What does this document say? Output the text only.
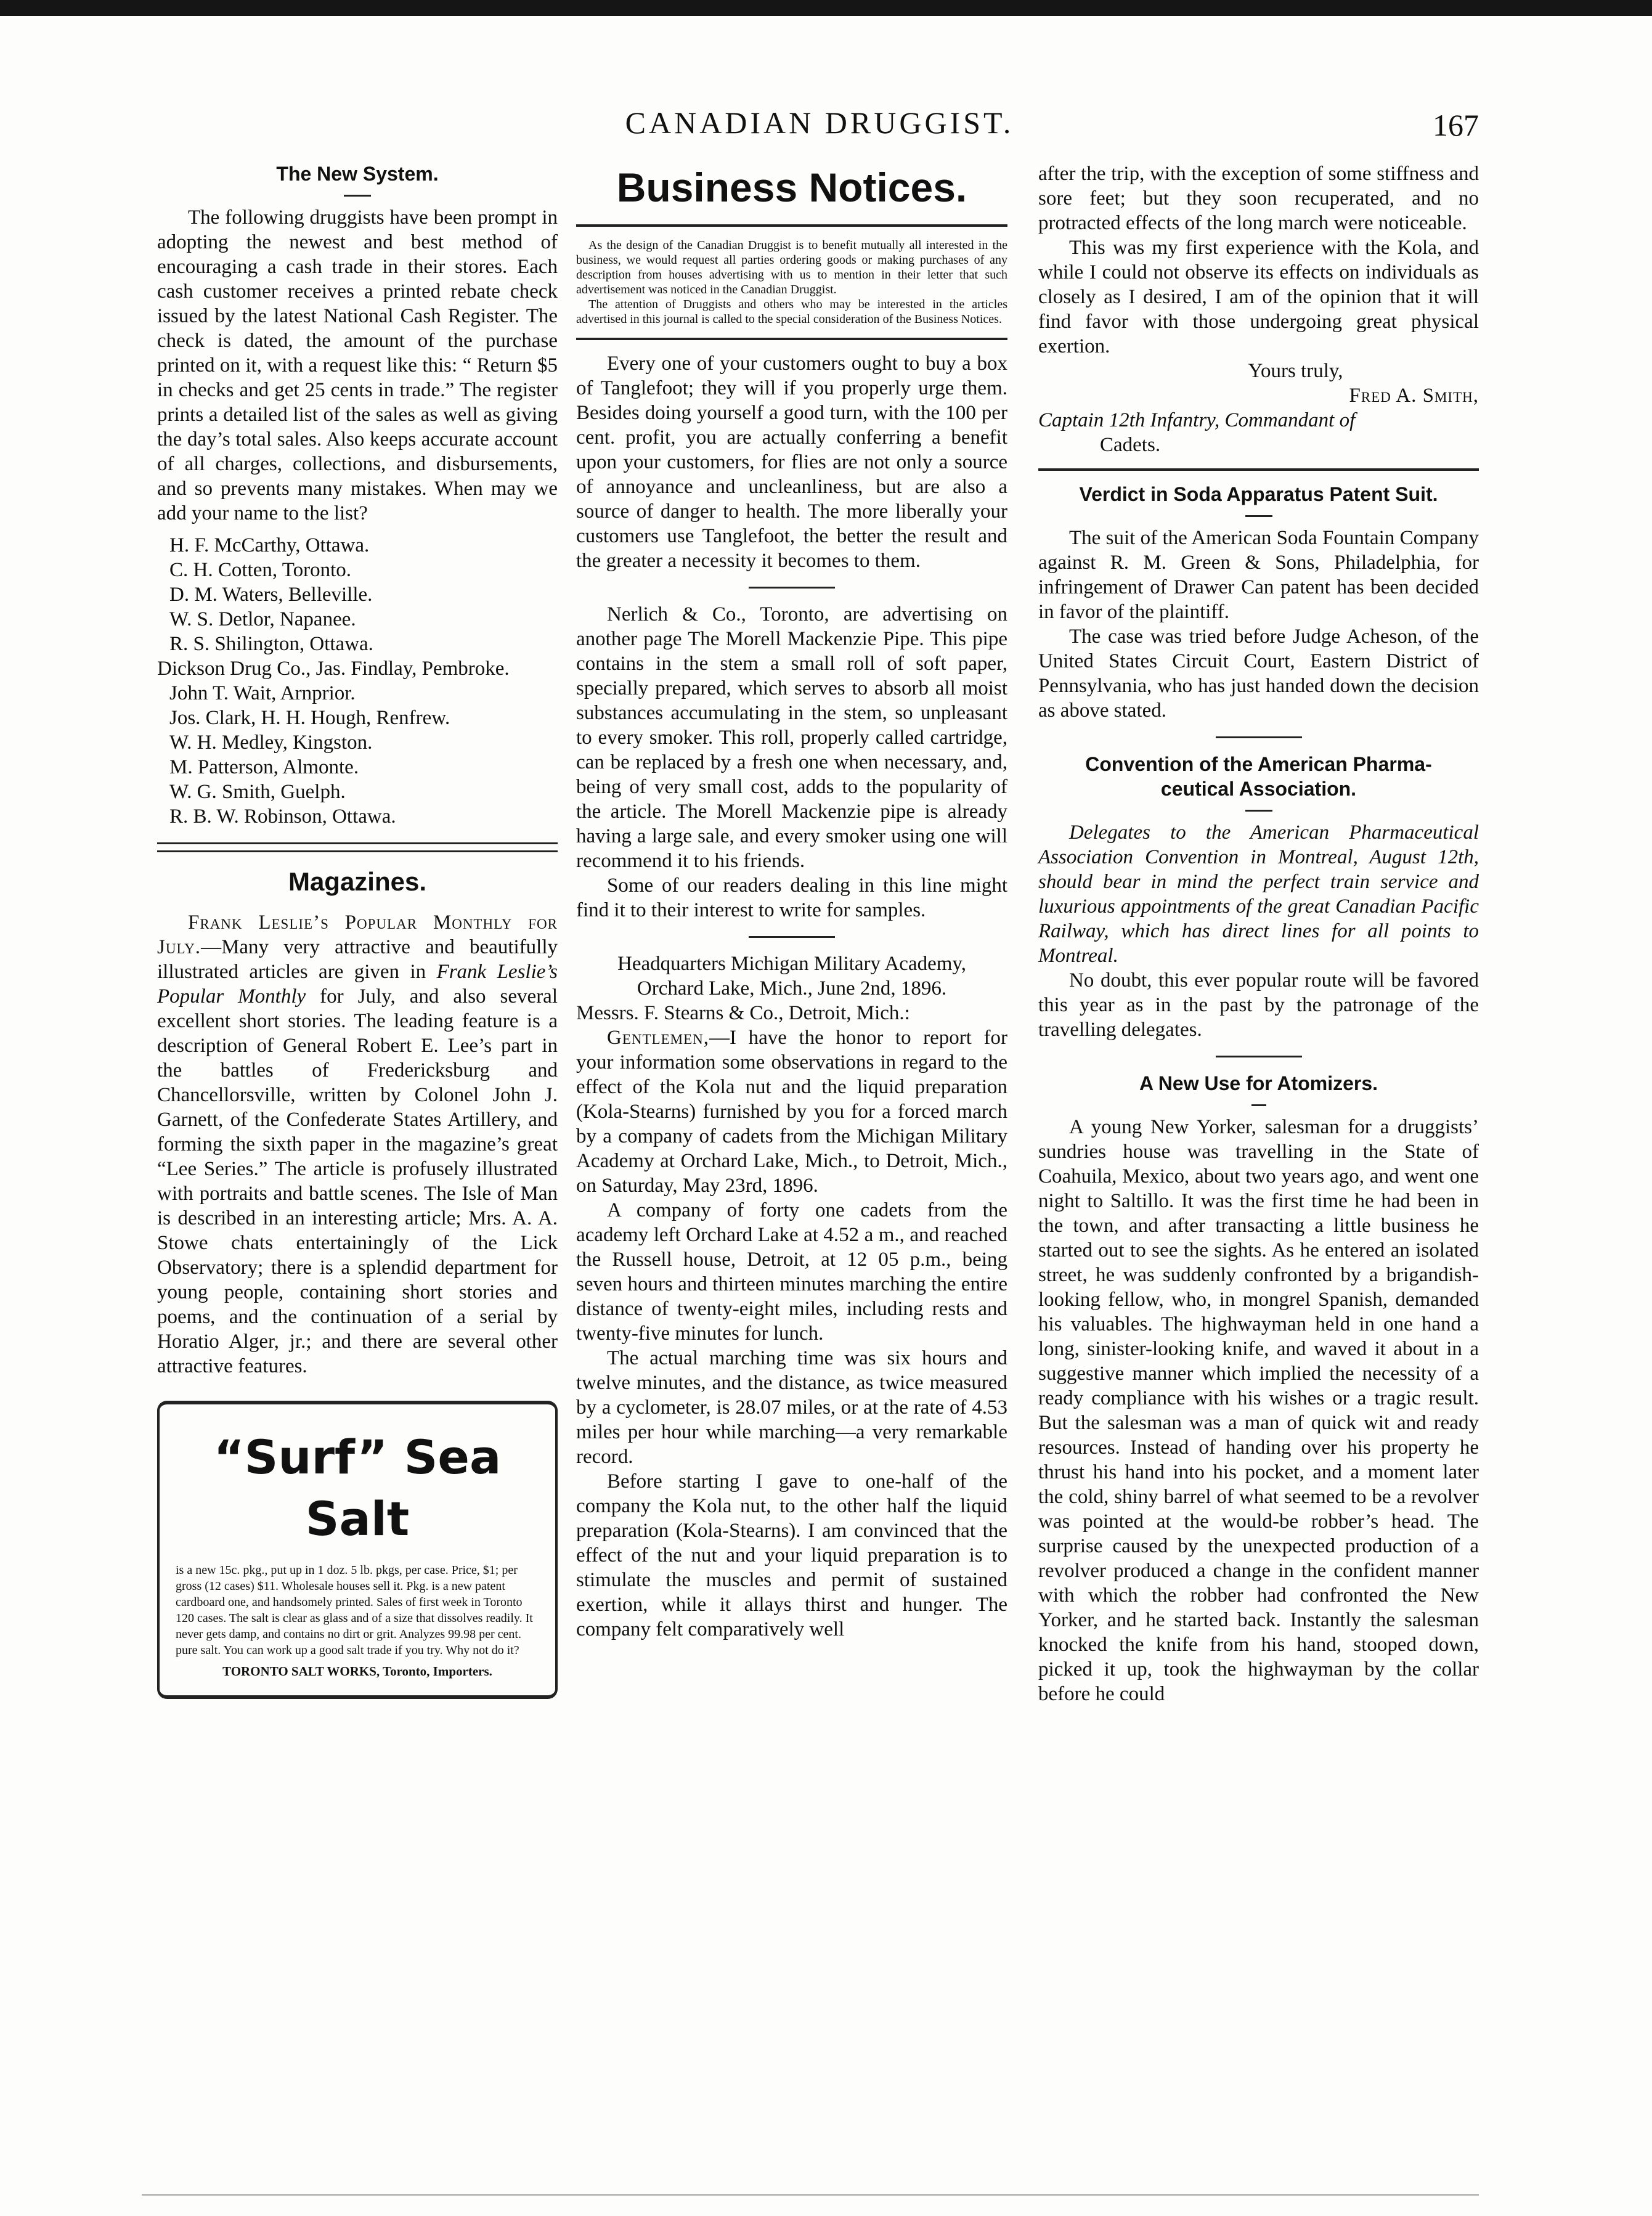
CANADIAN DRUGGIST.	167
The New System.

The following druggists have been prompt in adopting the newest and best method of encouraging a cash trade in their stores. Each cash customer receives a printed rebate check issued by the latest National Cash Register. The check is dated, the amount of the purchase printed on it, with a request like this: “ Return $5 in checks and get 25 cents in trade.” The register prints a detailed list of the sales as well as giving the day’s total sales. Also keeps accurate account of all charges, collections, and disbursements, and so prevents many mistakes. When may we add your name to the list?

H. F. McCarthy, Ottawa.
C. H. Cotten, Toronto.
D. M. Waters, Belleville.
W. S. Detlor, Napanee.
R. S. Shilington, Ottawa.
Dickson Drug Co., Jas. Findlay, Pembroke.
John T. Wait, Arnprior.
Jos. Clark, H. H. Hough, Renfrew.
W. H. Medley, Kingston.
M. Patterson, Almonte.
W. G. Smith, Guelph.
R. B. W. Robinson, Ottawa.
Magazines.

Frank Leslie’s Popular Monthly for July.—Many very attractive and beautifully illustrated articles are given in Frank Leslie’s Popular Monthly for July, and also several excellent short stories. The leading feature is a description of General Robert E. Lee’s part in the battles of Fredericksburg and Chancellorsville, written by Colonel John J. Garnett, of the Confederate States Artillery, and forming the sixth paper in the magazine’s great “Lee Series.” The article is profusely illustrated with portraits and battle scenes. The Isle of Man is described in an interesting article; Mrs. A. A. Stowe chats entertainingly of the Lick Observatory; there is a splendid department for young people, containing short stories and poems, and the continuation of a serial by Horatio Alger, jr.; and there are several other attractive features.

“Surf” Sea Salt

is a new 15c. pkg., put up in 1 doz. 5 lb. pkgs, per case. Price, $1; per gross (12 cases) $11. Wholesale houses sell it. Pkg. is a new patent cardboard one, and handsomely printed. Sales of first week in Toronto 120 cases. The salt is clear as glass and of a size that dissolves readily. It never gets damp, and contains no dirt or grit. Analyzes 99.98 per cent. pure salt. You can work up a good salt trade if you try. Why not do it?

TORONTO SALT WORKS, Toronto, Importers.

Business Notices.

As the design of the Canadian Druggist is to benefit mutually all interested in the business, we would request all parties ordering goods or making purchases of any description from houses advertising with us to mention in their letter that such advertisement was noticed in the Canadian Druggist.

The attention of Druggists and others who may be interested in the articles advertised in this journal is called to the special consideration of the Business Notices.

Every one of your customers ought to buy a box of Tanglefoot; they will if you properly urge them. Besides doing yourself a good turn, with the 100 per cent. profit, you are actually conferring a benefit upon your customers, for flies are not only a source of annoyance and uncleanliness, but are also a source of danger to health. The more liberally your customers use Tanglefoot, the better the result and the greater a necessity it becomes to them.

Nerlich & Co., Toronto, are advertising on another page The Morell Mackenzie Pipe. This pipe contains in the stem a small roll of soft paper, specially prepared, which serves to absorb all moist substances accumulating in the stem, so unpleasant to every smoker. This roll, properly called cartridge, can be replaced by a fresh one when necessary, and, being of very small cost, adds to the popularity of the article. The Morell Mackenzie pipe is already having a large sale, and every smoker using one will recommend it to his friends.

Some of our readers dealing in this line might find it to their interest to write for samples.

Headquarters Michigan Military Academy,

Orchard Lake, Mich., June 2nd, 1896.

Messrs. F. Stearns & Co., Detroit, Mich.:

Gentlemen,—I have the honor to report for your information some observations in regard to the effect of the Kola nut and the liquid preparation (Kola-Stearns) furnished by you for a forced march by a company of cadets from the Michigan Military Academy at Orchard Lake, Mich., to Detroit, Mich., on Saturday, May 23rd, 1896.

A company of forty one cadets from the academy left Orchard Lake at 4.52 a m., and reached the Russell house, Detroit, at 12 05 p.m., being seven hours and thirteen minutes marching the entire distance of twenty-eight miles, including rests and twenty-five minutes for lunch.

The actual marching time was six hours and twelve minutes, and the distance, as twice measured by a cyclometer, is 28.07 miles, or at the rate of 4.53 miles per hour while marching—a very remarkable record.

Before starting I gave to one-half of the company the Kola nut, to the other half the liquid preparation (Kola-Stearns). I am convinced that the effect of the nut and your liquid preparation is to stimulate the muscles and permit of sustained exertion, while it allays thirst and hunger. The company felt comparatively well

after the trip, with the exception of some stiffness and sore feet; but they soon recuperated, and no protracted effects of the long march were noticeable.

This was my first experience with the Kola, and while I could not observe its effects on individuals as closely as I desired, I am of the opinion that it will find favor with those undergoing great physical exertion.

Yours truly,

Fred A. Smith,

Captain 12th Infantry, Commandant of

Cadets.

Verdict in Soda Apparatus Patent Suit.

The suit of the American Soda Fountain Company against R. M. Green & Sons, Philadelphia, for infringement of Drawer Can patent has been decided in favor of the plaintiff.

The case was tried before Judge Acheson, of the United States Circuit Court, Eastern District of Pennsylvania, who has just handed down the decision as above stated.

Convention of the American Pharma-
ceutical Association.

Delegates to the American Pharmaceutical Association Convention in Montreal, August 12th, should bear in mind the perfect train service and luxurious appointments of the great Canadian Pacific Railway, which has direct lines for all points to Montreal.

No doubt, this ever popular route will be favored this year as in the past by the patronage of the travelling delegates.

A New Use for Atomizers.

A young New Yorker, salesman for a druggists’ sundries house was travelling in the State of Coahuila, Mexico, about two years ago, and went one night to Saltillo. It was the first time he had been in the town, and after transacting a little business he started out to see the sights. As he entered an isolated street, he was suddenly confronted by a brigandish-looking fellow, who, in mongrel Spanish, demanded his valuables. The highwayman held in one hand a long, sinister-looking knife, and waved it about in a suggestive manner which implied the necessity of a ready compliance with his wishes or a tragic result. But the salesman was a man of quick wit and ready resources. Instead of handing over his property he thrust his hand into his pocket, and a moment later the cold, shiny barrel of what seemed to be a revolver was pointed at the would-be robber’s head. The surprise caused by the unexpected production of a revolver produced a change in the confident manner with which the robber had confronted the New Yorker, and he started back. Instantly the salesman knocked the knife from his hand, stooped down, picked it up, took the highwayman by the collar before he could
